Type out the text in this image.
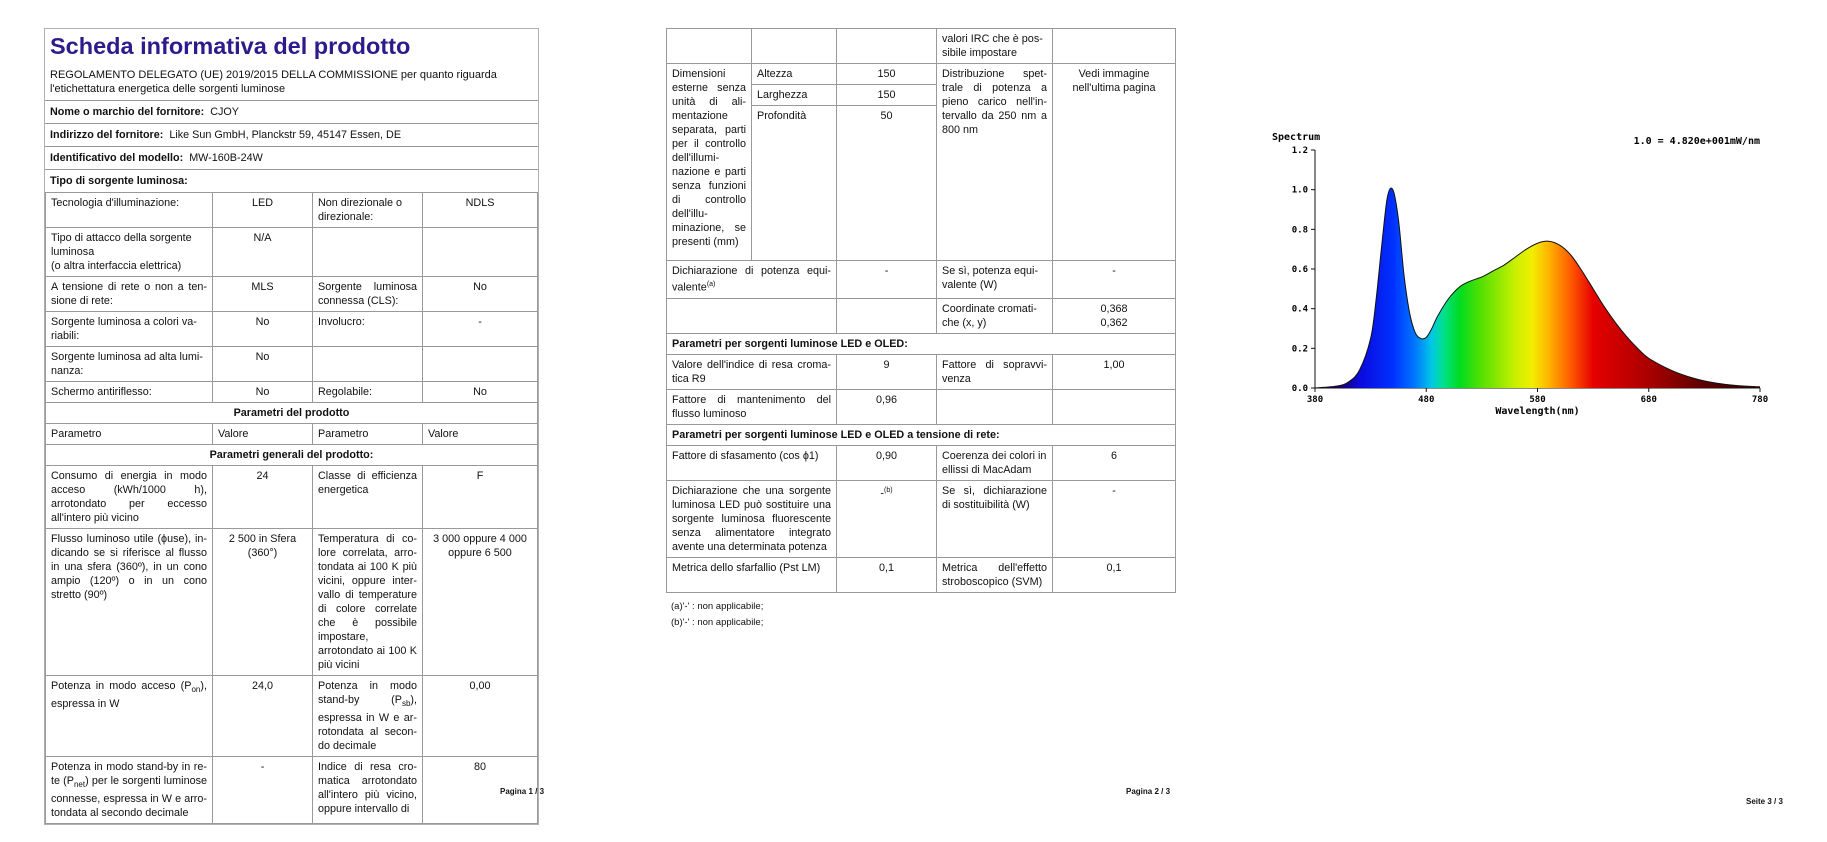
Scheda informativa del prodotto
REGOLAMENTO DELEGATO (UE) 2019/2015 DELLA COMMISSIONE per quanto riguarda l'etichettatura energetica delle sorgenti luminose
Nome o marchio del fornitore: CJOY
Indirizzo del fornitore: Like Sun GmbH, Planckstr 59, 45147 Essen, DE
Identificativo del modello: MW-160B-24W
Tipo di sorgente luminosa:
Tecnologia d'illuminazione:	LED	Non direzionale o direzionale:	NDLS

Tipo di attacco della sorgente luminosa
(o altra interfaccia elettrica)	N/A		
A tensione di rete o non a tensione di rete:	MLS	Sorgente luminosa connessa (CLS):	No
Sorgente luminosa a colori variabili:	No	Involucro:	-
Sorgente luminosa ad alta luminanza:	No		
Schermo antiriflesso:	No	Regolabile:	No
Parametri del prodotto			
Parametro	Valore	Parametro	Valore
Parametri generali del prodotto:			
Consumo di energia in modo acceso (kWh/1000 h), arrotondato per eccesso all'intero più vicino	24	Classe di efficienza energetica	F
Flusso luminoso utile (ϕuse), indicando se si riferisce al flusso in una sfera (360º), in un cono ampio (120º) o in un cono stretto (90º)	2 500 in Sfera (360°)	Temperatura di colore correlata, arrotondata ai 100 K più vicini, oppure intervallo di temperature di colore correlate che è possibile impostare, arrotondato ai 100 K più vicini	3 000 oppure 4 000 oppure 6 500
Potenza in modo acceso $(P_{on})$, espressa in W	24,0	Potenza in modo stand-by $(P_{sb})$, espressa in W e arrotondata al secondo decimale	0,00
Potenza in modo stand-by in rete $(P_{net})$ per le sorgenti luminose connesse, espressa in W e arrotondata al secondo decimale	-	Indice di resa cromatica arrotondato all'intero più vicino, oppure intervallo di	80
Pagina 1 / 3
			valori IRC che è possibile impostare	
Dimensioni esterne senza unità di alimentazione separata, parti per il controllo dell'illuminazione e parti senza funzioni di controllo dell'illuminazione, se presenti (mm)	Altezza	150	Distribuzione spettrale di potenza a pieno carico nell'intervallo da 250 nm a 800 nm	Vedi immagine nell'ultima pagina
	Larghezza	150		
	Profondità	50		
Dichiarazione di potenza equivalente$^{(a)}$		-	Se sì, potenza equivalente (W)	-
			Coordinate cromatiche (x, y)	0,368
0,362

Parametri per sorgenti luminose LED e OLED:				
Valore dell'indice di resa cromatica R9		9	Fattore di sopravvivenza	1,00
Fattore di mantenimento del flusso luminoso		0,96		
Parametri per sorgenti luminose LED e OLED a tensione di rete:				
Fattore di sfasamento (cos ϕ1)		0,90	Coerenza dei colori in ellissi di MacAdam	6
Dichiarazione che una sorgente luminosa LED può sostituire una sorgente luminosa fluorescente senza alimentatore integrato avente una determinata potenza		-$^{(b)}$	Se sì, dichiarazione di sostituibilità (W)	-
Metrica dello sfarfallio (Pst LM)		0,1	Metrica dell'effetto stroboscopico (SVM)	0,1
(a)'-' : non applicabile;
(b)'-' : non applicabile;
Pagina 2 / 3
Spectrum	1.0 = 4.820e+001mW/nm
0.0
0.2
0.4
0.6
0.8
1.0
1.2
380	480	580	680	780
Wavelength(nm)
Seite 3 / 3
